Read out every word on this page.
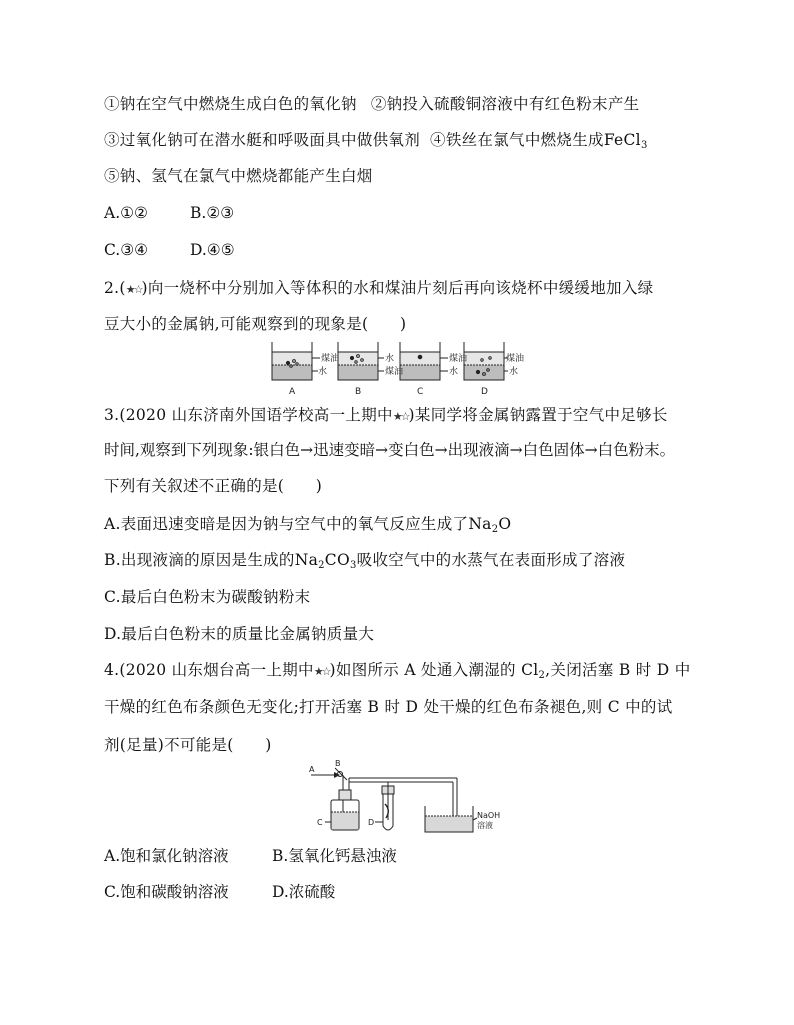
①钠在空气中燃烧生成白色的氧化钠 ②钠投入硫酸铜溶液中有红色粉末产生
③过氧化钠可在潜水艇和呼吸面具中做供氧剂 ④铁丝在氯气中燃烧生成FeCl$_3$
⑤钠、氢气在氯气中燃烧都能产生白烟
A.①②	B.②③
C.③④	D.④⑤
2.(★☆)向一烧杯中分别加入等体积的水和煤油片刻后再向该烧杯中缓缓地加入绿
豆大小的金属钠,可能观察到的现象是(　　)
煤油
水
水
煤油
煤油
水
煤油
水
A	B	C	D
3.(2020 山东济南外国语学校高一上期中★☆)某同学将金属钠露置于空气中足够长
时间,观察到下列现象:银白色→迅速变暗→变白色→出现液滴→白色固体→白色粉末。
下列有关叙述不正确的是(　　)
A.表面迅速变暗是因为钠与空气中的氧气反应生成了$Na_2O$
B.出现液滴的原因是生成的$Na_2CO_3$吸收空气中的水蒸气在表面形成了溶液
C.最后白色粉末为碳酸钠粉末
D.最后白色粉末的质量比金属钠质量大
4.(2020 山东烟台高一上期中★☆)如图所示 A 处通入潮湿的 $Cl_2$,关闭活塞 B 时 D 中
干燥的红色布条颜色无变化;打开活塞 B 时 D 处干燥的红色布条褪色,则 C 中的试
剂(足量)不可能是(　　)
A
B
C	D
NaOH
溶液
A.饱和氯化钠溶液	B.氢氧化钙悬浊液
C.饱和碳酸钠溶液	D.浓硫酸
